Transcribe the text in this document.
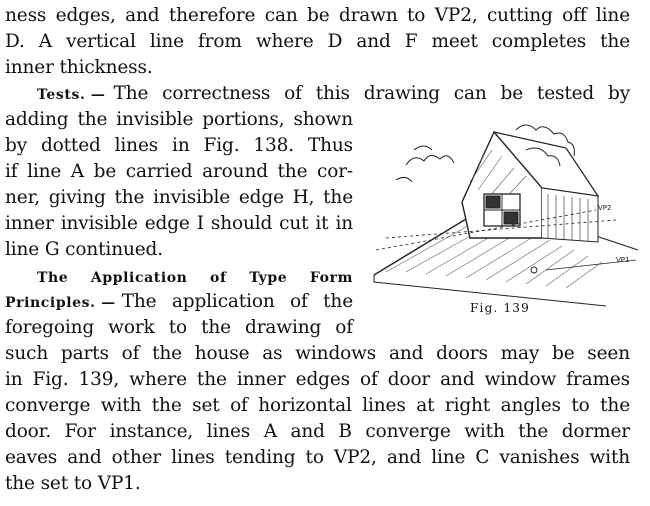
ness edges, and therefore can be drawn to VP2, cutting off line
D. A vertical line from where D and F meet completes the
inner thickness.
Tests. — The correctness of this drawing can be tested by
adding the invisible portions, shown
by dotted lines in Fig. 138. Thus
if line A be carried around the cor-
ner, giving the invisible edge H, the
inner invisible edge I should cut it in
line G continued.
The Application of Type Form
Principles. — The application of the
foregoing work to the drawing of
such parts of the house as windows and doors may be seen
in Fig. 139, where the inner edges of door and window frames
converge with the set of horizontal lines at right angles to the
door. For instance, lines A and B converge with the dormer
eaves and other lines tending to VP2, and line C vanishes with
the set to VP1.
VP2
VP1
Fig. 139
